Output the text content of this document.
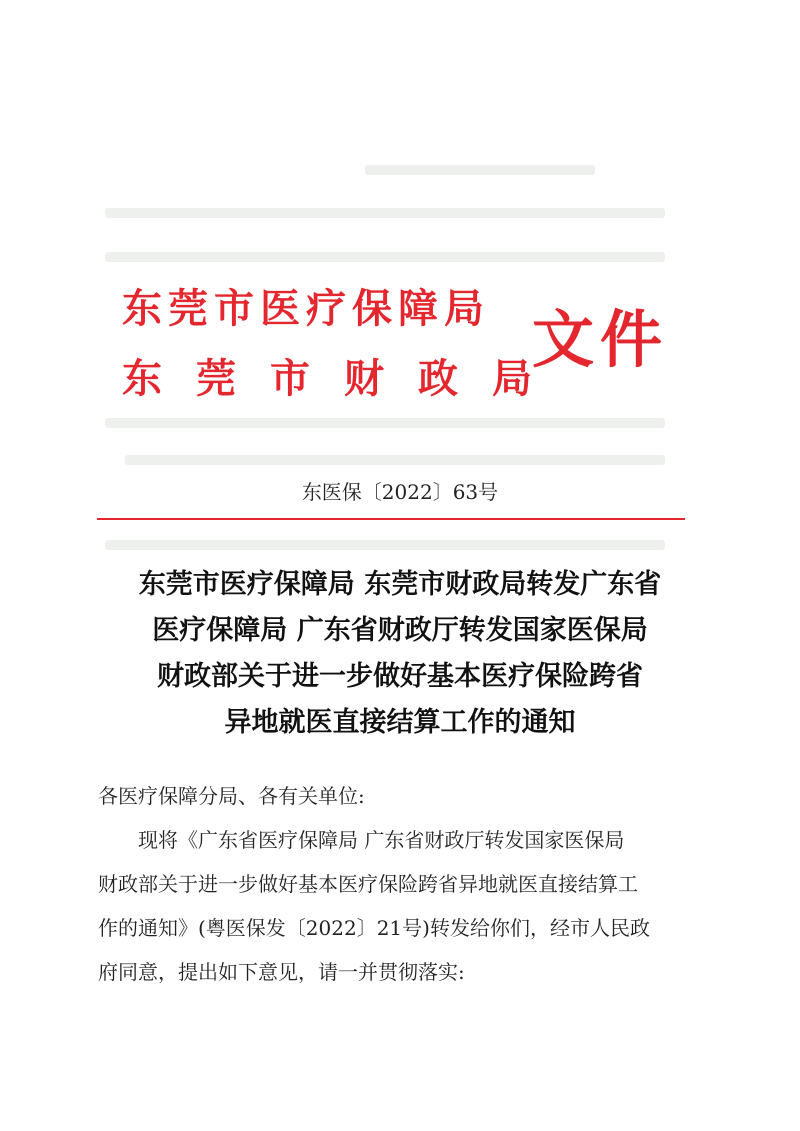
东莞市医疗保障局
东莞市财政局
文件
东医保〔2022〕63号
东莞市医疗保障局 东莞市财政局转发广东省
医疗保障局 广东省财政厅转发国家医保局
财政部关于进一步做好基本医疗保险跨省
异地就医直接结算工作的通知
各医疗保障分局、各有关单位:
现将《广东省医疗保障局 广东省财政厅转发国家医保局
财政部关于进一步做好基本医疗保险跨省异地就医直接结算工
作的通知》(粤医保发〔2022〕21号)转发给你们，经市人民政
府同意，提出如下意见，请一并贯彻落实:
